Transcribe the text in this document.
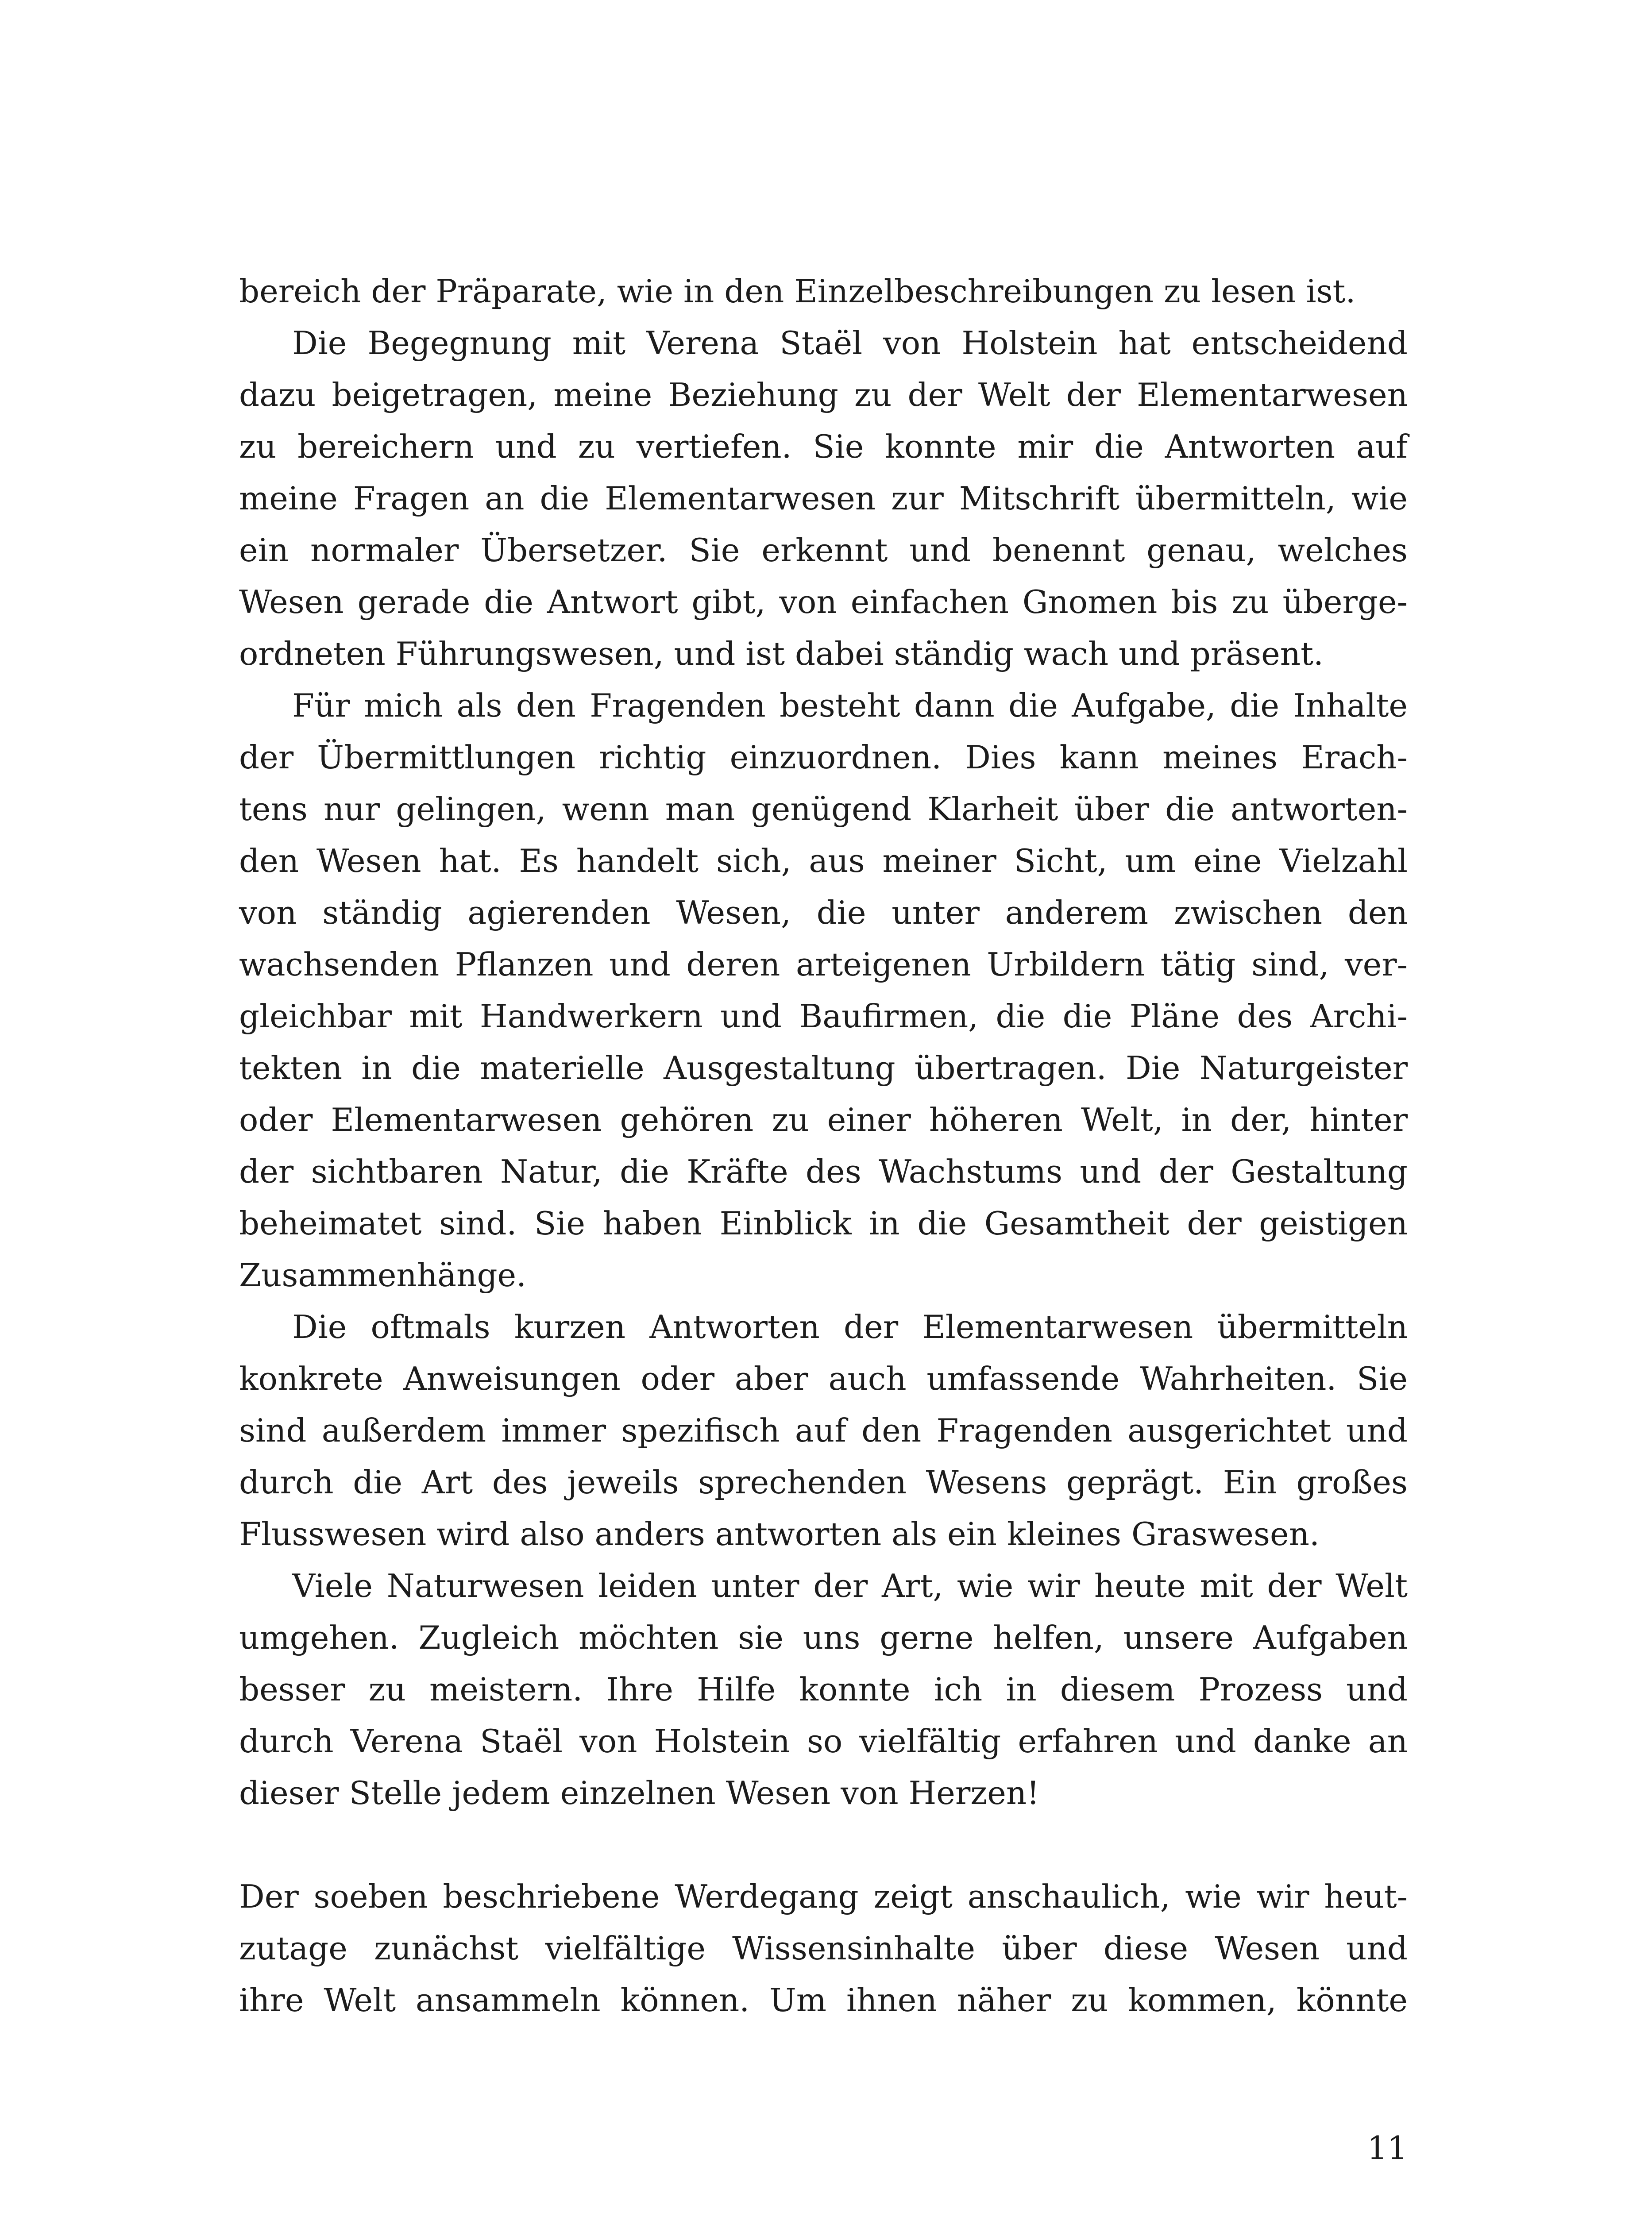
bereich der Präparate, wie in den Einzelbeschreibungen zu lesen ist.

Die Begegnung mit Verena Staël von Holstein hat entscheidend

dazu beigetragen, meine Beziehung zu der Welt der Elementarwesen

zu bereichern und zu vertiefen. Sie konnte mir die Antworten auf

meine Fragen an die Elementarwesen zur Mitschrift übermitteln, wie

ein normaler Übersetzer. Sie erkennt und benennt genau, welches

Wesen gerade die Antwort gibt, von einfachen Gnomen bis zu überge-

ordneten Führungswesen, und ist dabei ständig wach und präsent.

Für mich als den Fragenden besteht dann die Aufgabe, die Inhalte

der Übermittlungen richtig einzuordnen. Dies kann meines Erach-

tens nur gelingen, wenn man genügend Klarheit über die antworten-

den Wesen hat. Es handelt sich, aus meiner Sicht, um eine Vielzahl

von ständig agierenden Wesen, die unter anderem zwischen den

wachsenden Pflanzen und deren arteigenen Urbildern tätig sind, ver-

gleichbar mit Handwerkern und Baufirmen, die die Pläne des Archi-

tekten in die materielle Ausgestaltung übertragen. Die Naturgeister

oder Elementarwesen gehören zu einer höheren Welt, in der, hinter

der sichtbaren Natur, die Kräfte des Wachstums und der Gestaltung

beheimatet sind. Sie haben Einblick in die Gesamtheit der geistigen

Zusammenhänge.

Die oftmals kurzen Antworten der Elementarwesen übermitteln

konkrete Anweisungen oder aber auch umfassende Wahrheiten. Sie

sind außerdem immer spezifisch auf den Fragenden ausgerichtet und

durch die Art des jeweils sprechenden Wesens geprägt. Ein großes

Flusswesen wird also anders antworten als ein kleines Graswesen.

Viele Naturwesen leiden unter der Art, wie wir heute mit der Welt

umgehen. Zugleich möchten sie uns gerne helfen, unsere Aufgaben

besser zu meistern. Ihre Hilfe konnte ich in diesem Prozess und

durch Verena Staël von Holstein so vielfältig erfahren und danke an

dieser Stelle jedem einzelnen Wesen von Herzen!

Der soeben beschriebene Werdegang zeigt anschaulich, wie wir heut-

zutage zunächst vielfältige Wissensinhalte über diese Wesen und

ihre Welt ansammeln können. Um ihnen näher zu kommen, könnte

11
